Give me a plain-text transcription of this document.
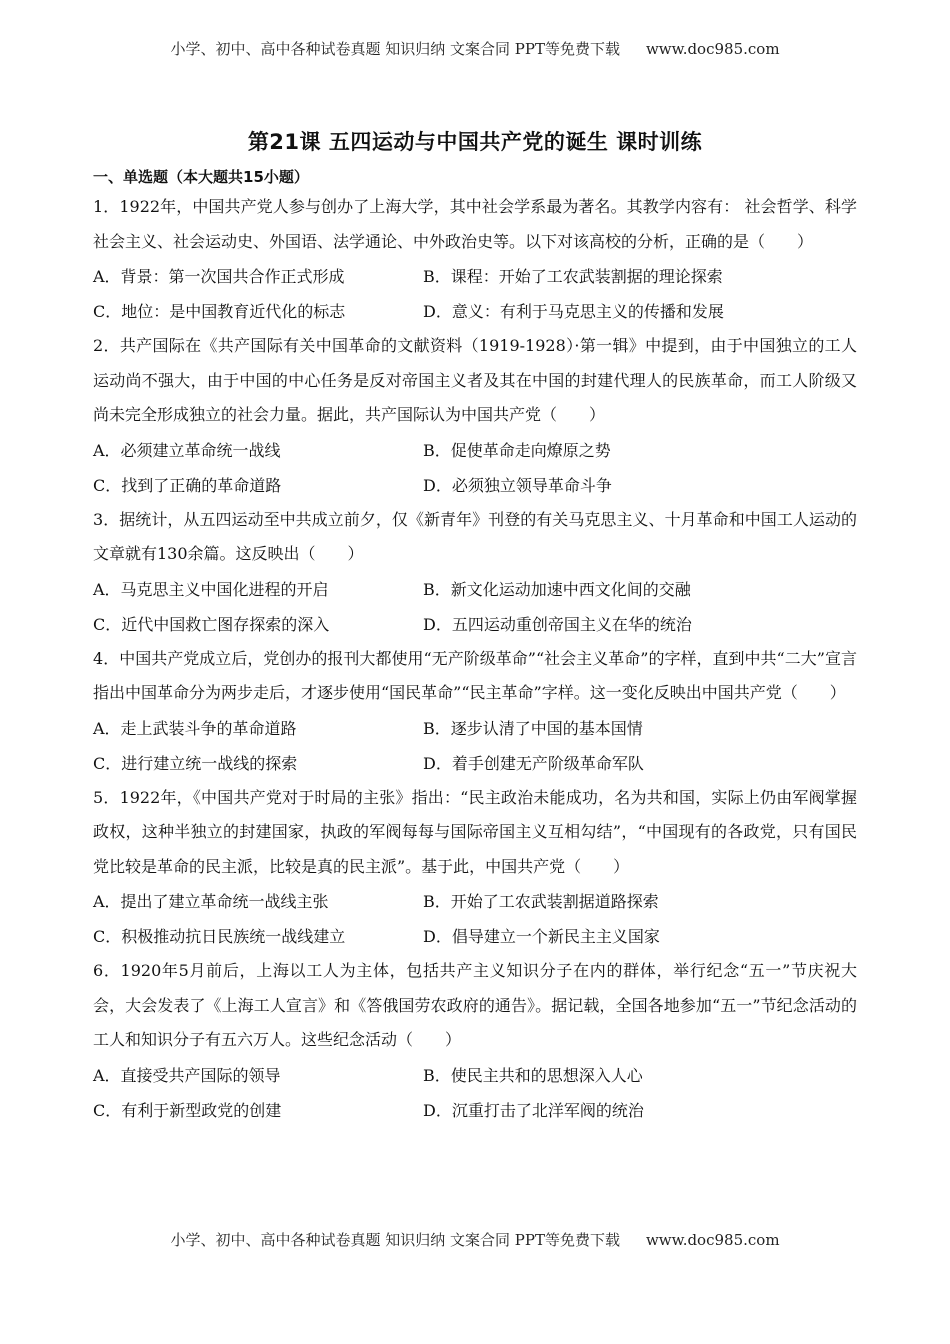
小学、初中、高中各种试卷真题 知识归纳 文案合同 PPT等免费下载 www.doc985.com
第21课 五四运动与中国共产党的诞生 课时训练
一、单选题（本大题共15小题）

1．1922年，中国共产党人参与创办了上海大学，其中社会学系最为著名。其教学内容有： 社会哲学、科学社会主义、社会运动史、外国语、法学通论、中外政治史等。以下对该高校的分析，正确的是（　　）

A．背景：第一次国共合作正式形成	B．课程：开始了工农武装割据的理论探索
C．地位：是中国教育近代化的标志	D．意义：有利于马克思主义的传播和发展

2．共产国际在《共产国际有关中国革命的文献资料（1919-1928）·第一辑》中提到，由于中国独立的工人运动尚不强大，由于中国的中心任务是反对帝国主义者及其在中国的封建代理人的民族革命，而工人阶级又尚未完全形成独立的社会力量。据此，共产国际认为中国共产党（　　）

A．必须建立革命统一战线	B．促使革命走向燎原之势
C．找到了正确的革命道路	D．必须独立领导革命斗争

3．据统计，从五四运动至中共成立前夕，仅《新青年》刊登的有关马克思主义、十月革命和中国工人运动的文章就有130余篇。这反映出（　　）

A．马克思主义中国化进程的开启	B．新文化运动加速中西文化间的交融
C．近代中国救亡图存探索的深入	D．五四运动重创帝国主义在华的统治

4．中国共产党成立后，党创办的报刊大都使用“无产阶级革命”“社会主义革命”的字样，直到中共“二大”宣言指出中国革命分为两步走后，才逐步使用“国民革命”“民主革命”字样。这一变化反映出中国共产党（　　）

A．走上武装斗争的革命道路	B．逐步认清了中国的基本国情
C．进行建立统一战线的探索	D．着手创建无产阶级革命军队

5．1922年，《中国共产党对于时局的主张》指出：“民主政治未能成功，名为共和国，实际上仍由军阀掌握政权，这种半独立的封建国家，执政的军阀每每与国际帝国主义互相勾结”，“中国现有的各政党，只有国民党比较是革命的民主派，比较是真的民主派”。基于此，中国共产党（　　）

A．提出了建立革命统一战线主张	B．开始了工农武装割据道路探索
C．积极推动抗日民族统一战线建立	D．倡导建立一个新民主主义国家

6．1920年5月前后，上海以工人为主体，包括共产主义知识分子在内的群体，举行纪念“五一”节庆祝大会，大会发表了《上海工人宣言》和《答俄国劳农政府的通告》。据记载，全国各地参加“五一”节纪念活动的工人和知识分子有五六万人。这些纪念活动（　　）

A．直接受共产国际的领导	B．使民主共和的思想深入人心
C．有利于新型政党的创建	D．沉重打击了北洋军阀的统治
小学、初中、高中各种试卷真题 知识归纳 文案合同 PPT等免费下载 www.doc985.com
